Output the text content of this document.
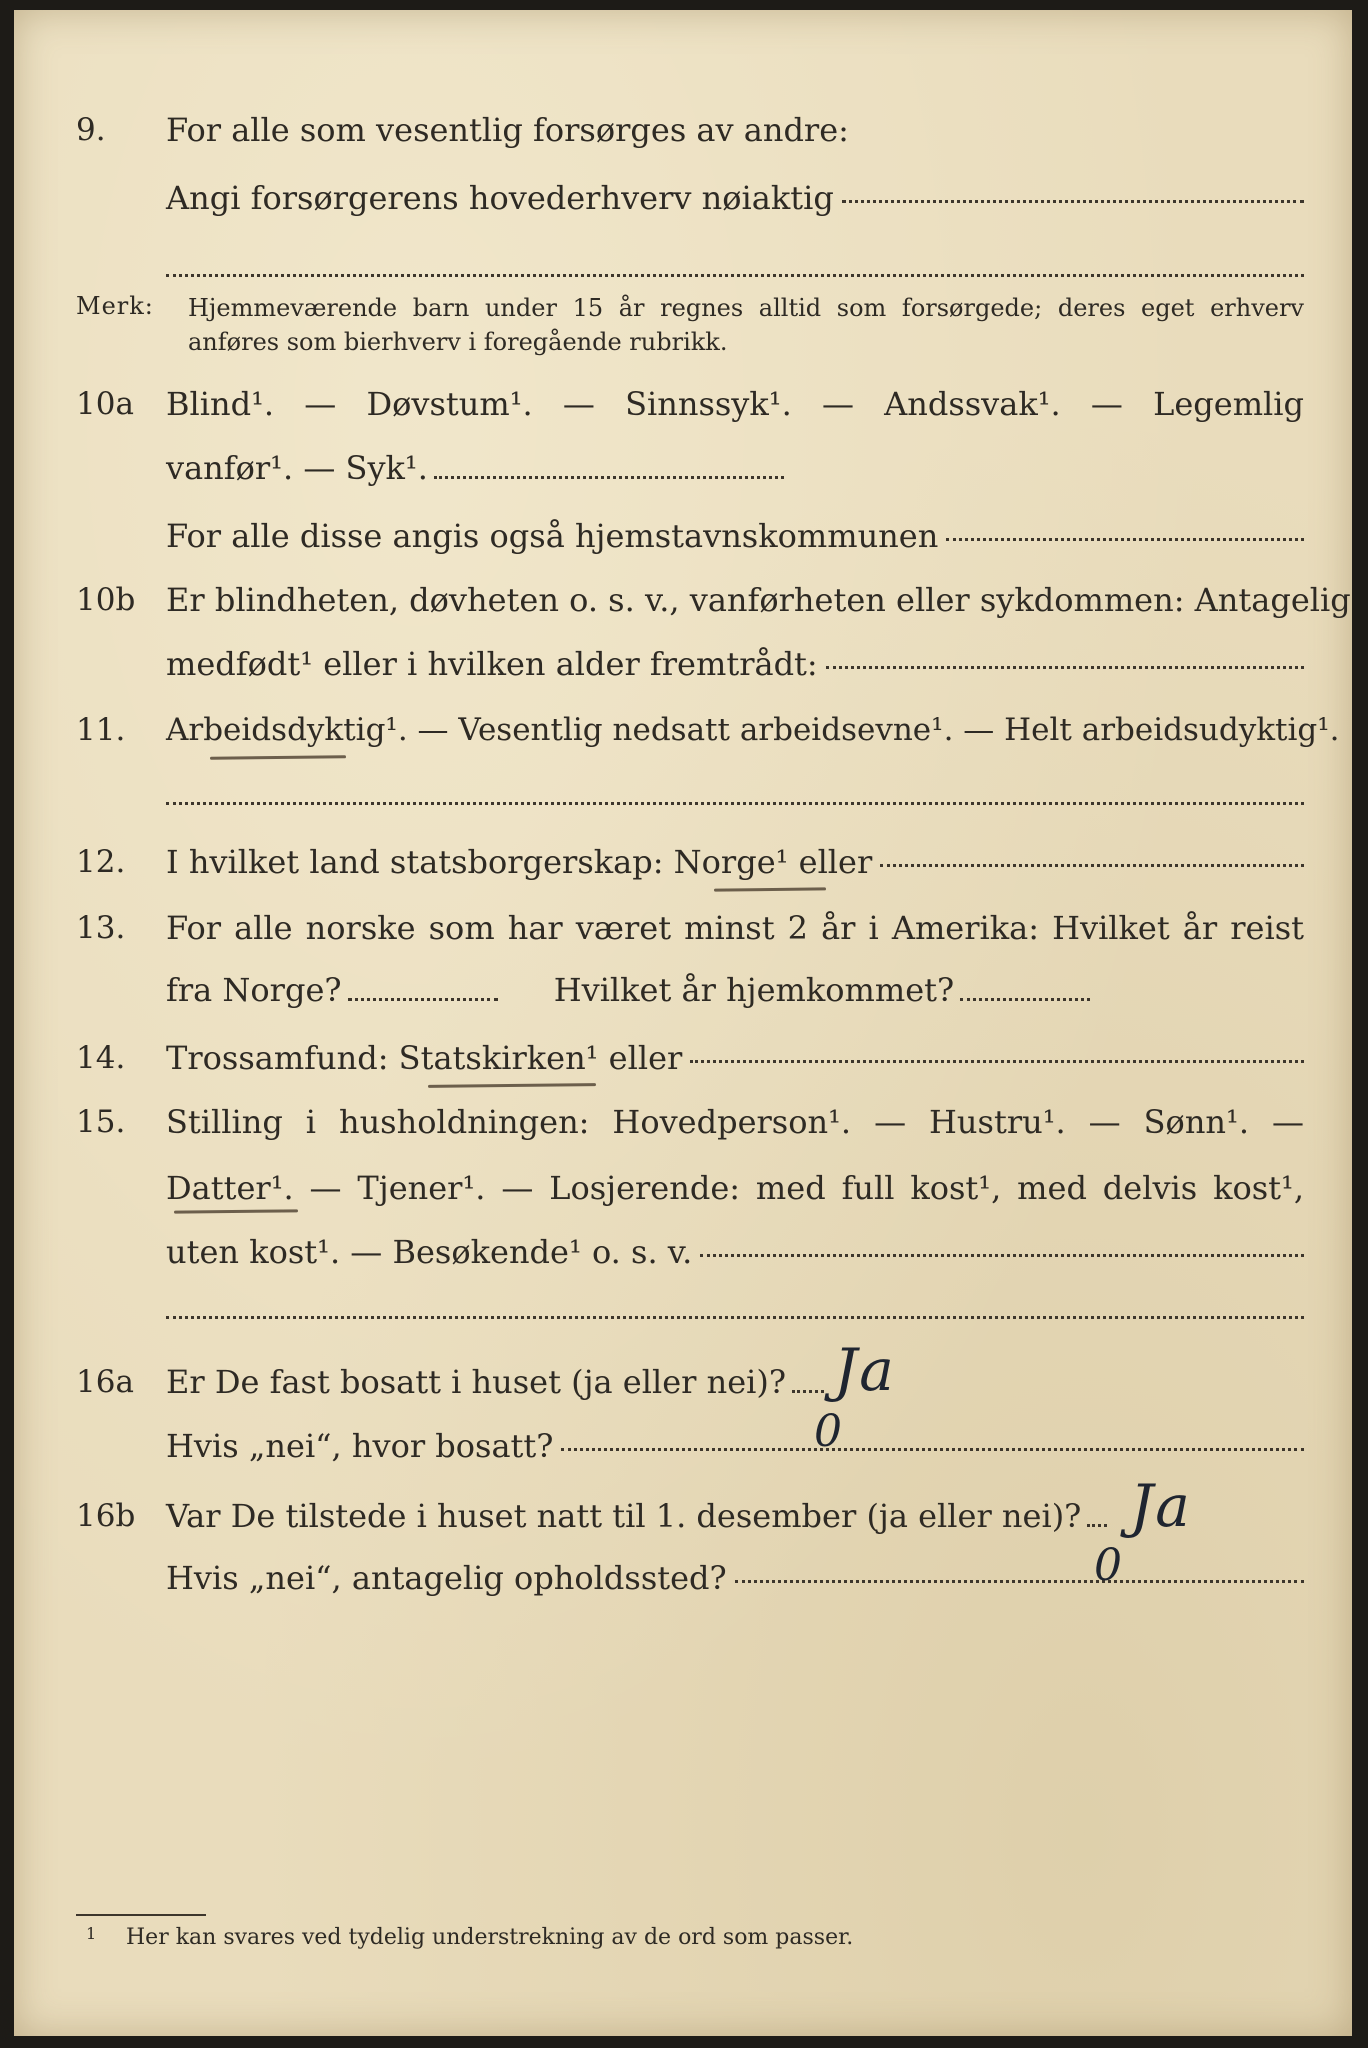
9.	For alle som vesentlig forsørges av andre:
Angi forsørgerens hovederhverv nøiaktig
Merk: Hjemmeværende barn under 15 år regnes alltid som forsørgede; deres eget erhverv
anføres som bierhverv i foregående rubrikk.
10a	Blind¹. — Døvstum¹. — Sinnssyk¹. — Andssvak¹. — Legemlig
vanfør¹. — Syk¹.
For alle disse angis også hjemstavnskommunen
10b Er blindheten, døvheten o. s. v., vanførheten eller sykdommen: Antagelig
medfødt¹ eller i hvilken alder fremtrådt:
11.	Arbeidsdyktig¹. — Vesentlig nedsatt arbeidsevne¹. — Helt arbeidsudyktig¹.
12.	I hvilket land statsborgerskap: Norge¹ eller
13.	For alle norske som har været minst 2 år i Amerika: Hvilket år reist
fra Norge?	Hvilket år hjemkommet?
14.	Trossamfund: Statskirken¹ eller
15.	Stilling i husholdningen: Hovedperson¹. — Hustru¹. — Sønn¹. —
Datter¹. — Tjener¹. — Losjerende: med full kost¹, med delvis kost¹,
uten kost¹. — Besøkende¹ o. s. v.
16a	Er De fast bosatt i huset (ja eller nei)? Ja
Hvis „nei“, hvor bosatt?	0
16b Var De tilstede i huset natt til 1. desember (ja eller nei)? Ja
Hvis „nei“, antagelig opholdssted?	0
1 Her kan svares ved tydelig understrekning av de ord som passer.
